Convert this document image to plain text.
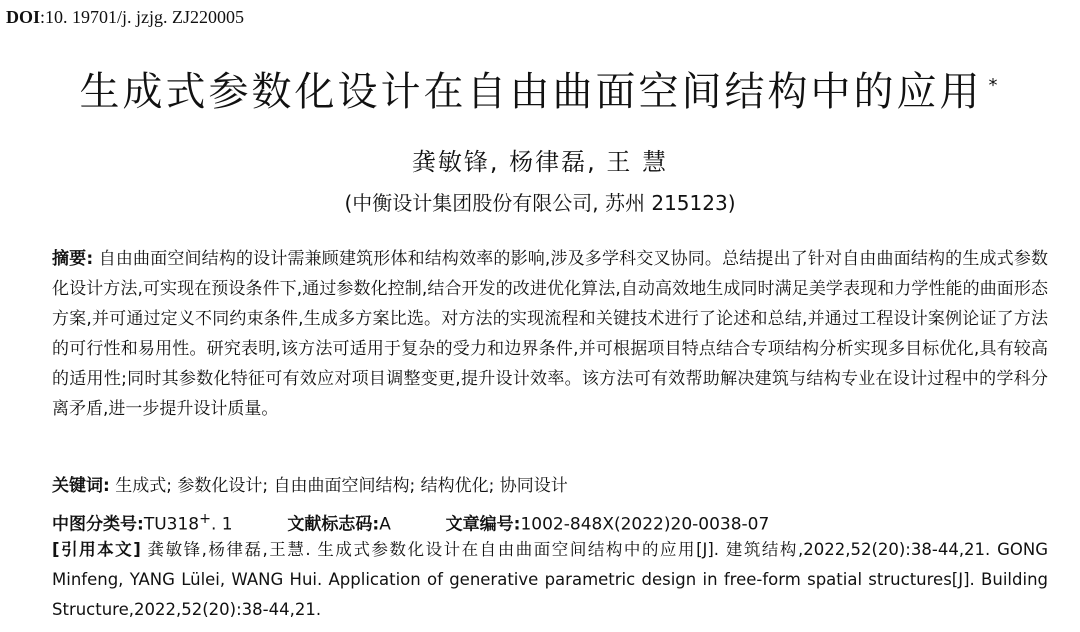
DOI:10. 19701/j. jzjg. ZJ220005
生成式参数化设计在自由曲面空间结构中的应用 *
龚敏锋, 杨律磊, 王 慧
(中衡设计集团股份有限公司, 苏州 215123)
摘要: 自由曲面空间结构的设计需兼顾建筑形体和结构效率的影响,涉及多学科交叉协同。总结提出了针对自由曲面结构的生成式参数化设计方法,可实现在预设条件下,通过参数化控制,结合开发的改进优化算法,自动高效地生成同时满足美学表现和力学性能的曲面形态方案,并可通过定义不同约束条件,生成多方案比选。对方法的实现流程和关键技术进行了论述和总结,并通过工程设计案例论证了方法的可行性和易用性。研究表明,该方法可适用于复杂的受力和边界条件,并可根据项目特点结合专项结构分析实现多目标优化,具有较高的适用性;同时其参数化特征可有效应对项目调整变更,提升设计效率。该方法可有效帮助解决建筑与结构专业在设计过程中的学科分离矛盾,进一步提升设计质量。
关键词: 生成式; 参数化设计; 自由曲面空间结构; 结构优化; 协同设计
中图分类号:TU318+. 1	文献标志码:A	文章编号:1002-848X(2022)20-0038-07
[引用本文] 龚敏锋,杨律磊,王慧. 生成式参数化设计在自由曲面空间结构中的应用[J]. 建筑结构,2022,52(20):38-44,21. GONG Minfeng, YANG Lülei, WANG Hui. Application of generative parametric design in free-form spatial structures[J]. Building Structure,2022,52(20):38-44,21.
